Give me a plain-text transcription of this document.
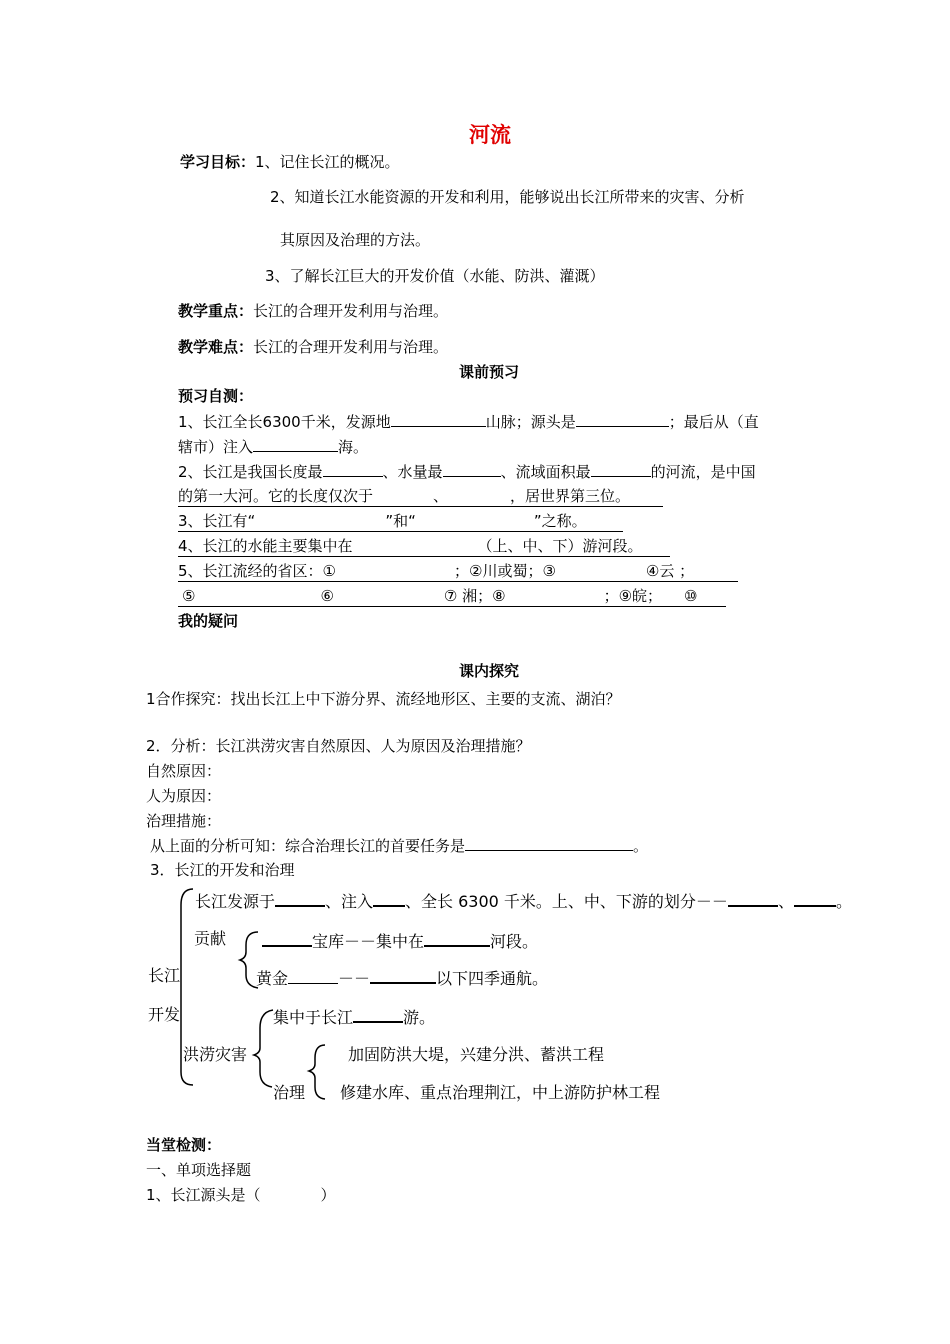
河流
学习目标：1、记住长江的概况。
2、知道长江水能资源的开发和利用，能够说出长江所带来的灾害、分析
其原因及治理的方法。
3、了解长江巨大的开发价值（水能、防洪、灌溉）
教学重点：长江的合理开发利用与治理。
教学难点：长江的合理开发利用与治理。
课前预习
预习自测：
1、长江全长6300千米，发源地	山脉；源头是	；最后从（直
辖市）注入	海。
2、长江是我国长度最	、水量最	、流域面积最	的河流，是中国
的第一大河。它的长度仅次于	、	，居世界第三位。
3、长江有“	”和“	”之称。
4、长江的水能主要集中在	（上、中、下）游河段。
5、长江流经的省区：①	；②川或蜀；③	④云 ；
⑤	⑥	⑦ 湘；⑧	；⑨皖； ⑩
我的疑问
课内探究
1合作探究：找出长江上中下游分界、流经地形区、主要的支流、湖泊？
2．分析：长江洪涝灾害自然原因、人为原因及治理措施？
自然原因：
人为原因：
治理措施：
从上面的分析可知：综合治理长江的首要任务是	。
3．长江的开发和治理
长江发源于	、注入 、全长 6300 千米。上、中、下游的划分－－	、	。
贡献	宝库－－集中在	河段。
长江	黄金	－－	以下四季通航。
开发	集中于长江	游。
洪涝灾害	加固防洪大堤，兴建分洪、蓄洪工程
治理 修建水库、重点治理荆江，中上游防护林工程
当堂检测：
一、单项选择题
1、长江源头是（　　　　）
